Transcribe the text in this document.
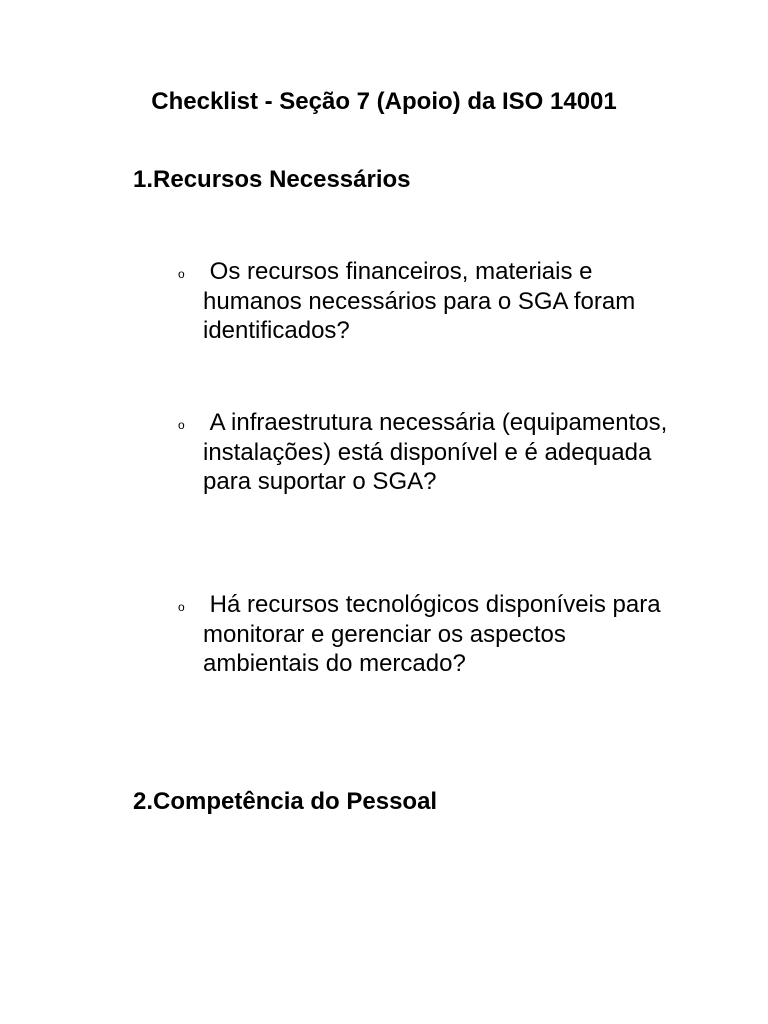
Checklist - Seção 7 (Apoio) da ISO 14001
1.Recursos Necessários
o Os recursos financeiros, materiais e humanos necessários para o SGA foram identificados?
o A infraestrutura necessária (equipamentos, instalações) está disponível e é adequada para suportar o SGA?
o Há recursos tecnológicos disponíveis para monitorar e gerenciar os aspectos ambientais do mercado?
2.Competência do Pessoal
